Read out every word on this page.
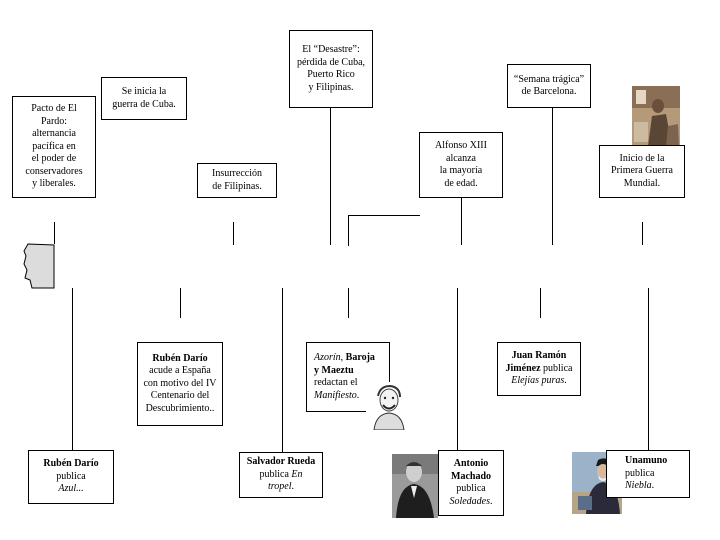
Pacto de El
Pardo:
alternancia
pacífica en
el poder de
conservadores
y liberales.
Se inicia la
guerra de Cuba.
Insurrección
de Filipinas.
El “Desastre”:
pérdida de Cuba,
Puerto Rico
y Filipinas.
Alfonso XIII
alcanza
la mayoría
de edad.
“Semana trágica”
de Barcelona.
Inicio de la
Primera Guerra
Mundial.
Rubén Darío
acude a España
con motivo del IV
Centenario del
Descubrimiento..
Azorín, Baroja
y Maeztu
redactan el
Manifiesto.
Juan Ramón
Jiménez publica
Elejías puras.
Rubén Darío
publica
Azul...
Salvador Rueda
publica En
tropel.
Antonio
Machado
publica
Soledades.
Unamuno
publica
Niebla.
